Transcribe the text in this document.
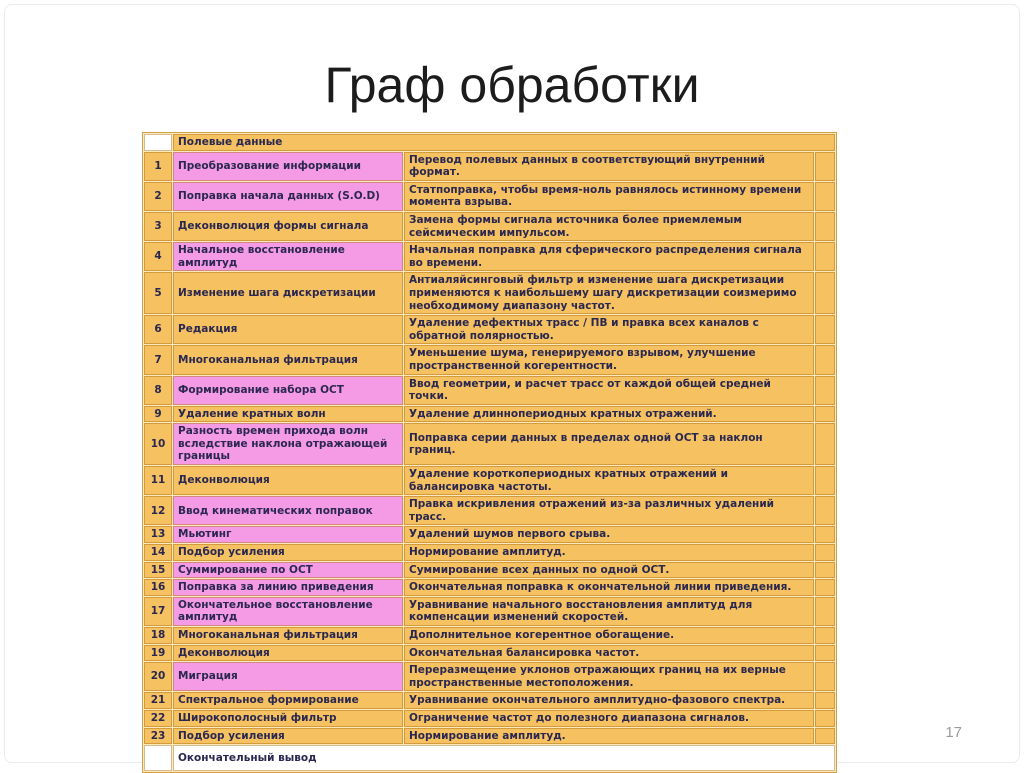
Граф обработки
	Полевые данные		
1	Преобразование информации	Перевод полевых данных в соответствующий внутренний формат.	
2	Поправка начала данных (S.O.D)	Статпоправка, чтобы время-ноль равнялось истинному времени момента взрыва.	
3	Деконволюция формы сигнала	Замена формы сигнала источника более приемлемым сейсмическим импульсом.	
4	Начальное восстановление амплитуд	Начальная поправка для сферического распределения сигнала во времени.	
5	Изменение шага дискретизации	Антиаляйсинговый фильтр и изменение шага дискретизации применяются к наибольшему шагу дискретизации соизмеримо необходимому диапазону частот.	
6	Редакция	Удаление дефектных трасс / ПВ и правка всех каналов с обратной полярностью.	
7	Многоканальная фильтрация	Уменьшение шума, генерируемого взрывом, улучшение пространственной когерентности.	
8	Формирование набора ОСТ	Ввод геометрии, и расчет трасс от каждой общей средней точки.	
9	Удаление кратных волн	Удаление длиннопериодных кратных отражений.	
10	Разность времен прихода волн вследствие наклона отражающей границы	Поправка серии данных в пределах одной ОСТ за наклон границ.	
11	Деконволюция	Удаление короткопериодных кратных отражений и балансировка частоты.	
12	Ввод кинематических поправок	Правка искривления отражений из-за различных удалений трасс.	
13	Мьютинг	Удалений шумов первого срыва.	
14	Подбор усиления	Нормирование амплитуд.	
15	Суммирование по ОСТ	Суммирование всех данных по одной ОСТ.	
16	Поправка за линию приведения	Окончательная поправка к окончательной линии приведения.	
17	Окончательное восстановление амплитуд	Уравнивание начального восстановления амплитуд для компенсации изменений скоростей.	
18	Многоканальная фильтрация	Дополнительное когерентное обогащение.	
19	Деконволюция	Окончательная балансировка частот.	
20	Миграция	Переразмещение уклонов отражающих границ на их верные пространственные местоположения.	
21	Спектральное формирование	Уравнивание окончательного амплитудно-фазового спектра.	
22	Широкополосный фильтр	Ограничение частот до полезного диапазона сигналов.	
23	Подбор усиления	Нормирование амплитуд.	
	Окончательный вывод		
17
